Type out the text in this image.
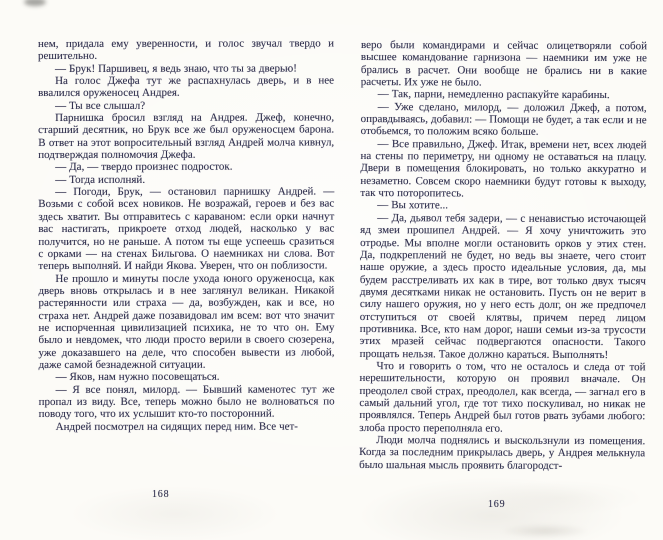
нем, придала ему уверенности, и голос звучал твердо и решительно.

— Брук! Паршивец, я ведь знаю, что ты за дверью!

На голос Джефа тут же распахнулась дверь, и в нее ввалился оруженосец Андрея.

— Ты все слышал?

Парнишка бросил взгляд на Андрея. Джеф, конечно, старший десятник, но Брук все же был оруженосцем барона. В ответ на этот вопросительный взгляд Андрей молча кивнул, подтверждая полномочия Джефа.

— Да, — твердо произнес подросток.

— Тогда исполняй.

— Погоди, Брук, — остановил парнишку Андрей. — Возьми с собой всех новиков. Не возражай, героев и без вас здесь хватит. Вы отправитесь с караваном: если орки начнут вас настигать, прикроете отход людей, насколько у вас получится, но не раньше. А потом ты еще успеешь сразиться с орками — на стенах Бильгова. О наемниках ни слова. Вот теперь выполняй. И найди Якова. Уверен, что он поблизости.

Не прошло и минуты после ухода юного оруженосца, как дверь вновь открылась и в нее заглянул великан. Никакой растерянности или страха — да, возбужден, как и все, но страха нет. Андрей даже позавидовал им всем: вот что значит не испорченная цивилизацией психика, не то что он. Ему было и невдомек, что люди просто верили в своего сюзерена, уже доказавшего на деле, что способен вывести из любой, даже самой безнадежной ситуации.

— Яков, нам нужно посовещаться.

— Я все понял, милорд. — Бывший каменотес тут же пропал из виду. Все, теперь можно было не волноваться по поводу того, что их услышит кто-то посторонний.

Андрей посмотрел на сидящих перед ним. Все чет-

веро были командирами и сейчас олицетворяли собой высшее командование гарнизона — наемники им уже не брались в расчет. Они вообще не брались ни в какие расчеты. Их уже не было.

— Так, парни, немедленно распакуйте карабины.

— Уже сделано, милорд, — доложил Джеф, а потом, оправдываясь, добавил: — Помощи не будет, а так если и не отобьемся, то положим всяко больше.

— Все правильно, Джеф. Итак, времени нет, всех людей на стены по периметру, ни одному не оставаться на плацу. Двери в помещения блокировать, но только аккуратно и незаметно. Совсем скоро наемники будут готовы к выходу, так что поторопитесь.

— Вы хотите...

— Да, дьявол тебя задери, — с ненавистью источающей яд змеи прошипел Андрей. — Я хочу уничтожить это отродье. Мы вполне могли остановить орков у этих стен. Да, подкреплений не будет, но ведь вы знаете, чего стоит наше оружие, а здесь просто идеальные условия, да, мы будем расстреливать их как в тире, вот только двух тысяч двумя десятками никак не остановить. Пусть он не верит в силу нашего оружия, но у него есть долг, он же предпочел отступиться от своей клятвы, причем перед лицом противника. Все, кто нам дорог, наши семьи из-за трусости этих мразей сейчас подвергаются опасности. Такого прощать нельзя. Такое должно караться. Выполнять!

Что и говорить о том, что не осталось и следа от той нерешительности, которую он проявил вначале. Он преодолел свой страх, преодолел, как всегда, — загнал его в самый дальний угол, где тот тихо поскуливал, но никак не проявлялся. Теперь Андрей был готов рвать зубами любого: злоба просто переполняла его.

Люди молча поднялись и выскользнули из помещения. Когда за последним прикрылась дверь, у Андрея мелькнула было шальная мысль проявить благородст-

168
169
